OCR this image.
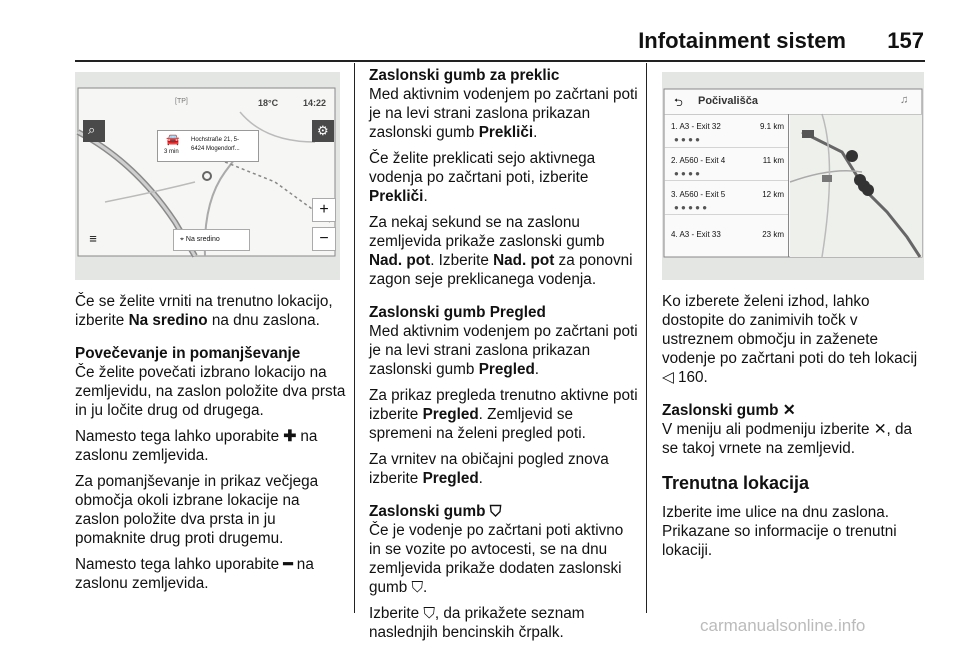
Infotainment sistem 157
⌕	⚙
[TP]	18°C	14:22
🚘
3 min
Hochstraße 21, 5-
6424 Mogendorf...
+
−
≡	⌖ Na sredino

Če se želite vrniti na trenutno lokacijo, izberite Na sredino na dnu zaslona.

Povečevanje in pomanjševanje

Če želite povečati izbrano lokacijo na zemljevidu, na zaslon položite dva prsta in ju ločite drug od drugega.

Namesto tega lahko uporabite ✚ na zaslonu zemljevida.

Za pomanjševanje in prikaz večjega območja okoli izbrane lokacije na zaslon položite dva prsta in ju pomaknite drug proti drugemu.

Namesto tega lahko uporabite ━ na zaslonu zemljevida.

Zaslonski gumb za preklic

Med aktivnim vodenjem po začrtani poti je na levi strani zaslona prikazan zaslonski gumb Prekliči.

Če želite preklicati sejo aktivnega vodenja po začrtani poti, izberite Prekliči.

Za nekaj sekund se na zaslonu zemljevida prikaže zaslonski gumb Nad. pot. Izberite Nad. pot za ponovni zagon seje preklicanega vodenja.

Zaslonski gumb Pregled

Med aktivnim vodenjem po začrtani poti je na levi strani zaslona prikazan zaslonski gumb Pregled.

Za prikaz pregleda trenutno aktivne poti izberite Pregled. Zemljevid se spremeni na želeni pregled poti.

Za vrnitev na običajni pogled znova izberite Pregled.

Zaslonski gumb ⛉

Če je vodenje po začrtani poti aktivno in se vozite po avtocesti, se na dnu zemljevida prikaže dodaten zaslonski gumb ⛉.

Izberite ⛉, da prikažete seznam naslednjih bencinskih črpalk.

⮌ Počivališča	♫
1. A3 - Exit 32	9.1 km
● ● ● ●
2. A560 - Exit 4	11 km
● ● ● ●
3. A560 - Exit 5	12 km
● ● ● ● ●
4. A3 - Exit 33	23 km

Ko izberete želeni izhod, lahko dostopite do zanimivih točk v ustreznem območju in zaženete vodenje po začrtani poti do teh lokacij ◁ 160.

Zaslonski gumb ✕

V meniju ali podmeniju izberite ✕, da se takoj vrnete na zemljevid.

Trenutna lokacija

Izberite ime ulice na dnu zaslona. Prikazane so informacije o trenutni lokaciji.

carmanualsonline.info
